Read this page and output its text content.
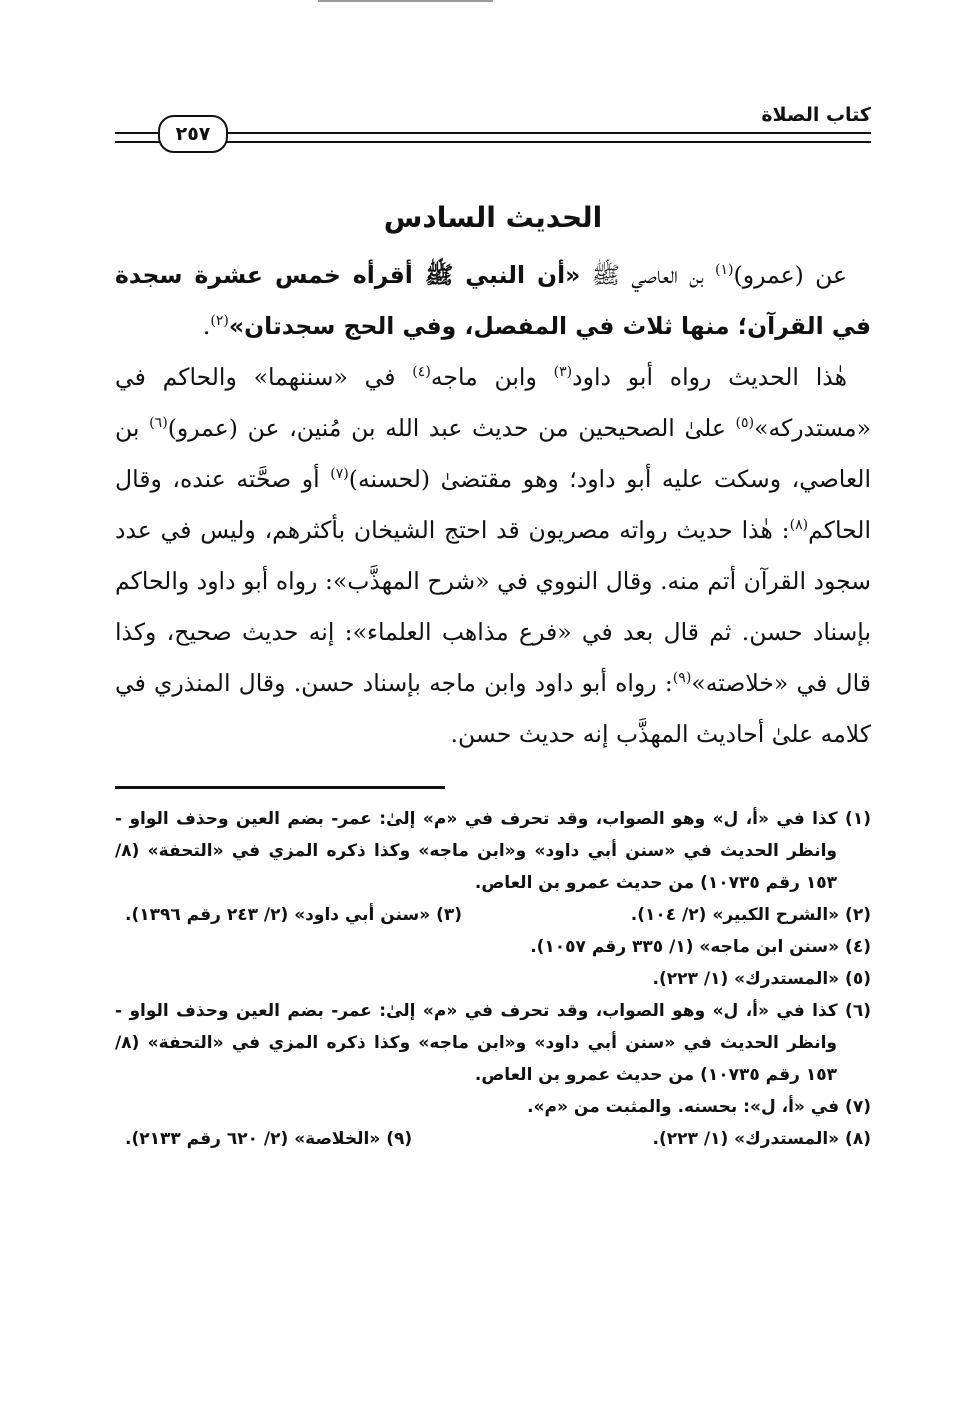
كتاب الصلاة
٢٥٧
الحديث السادس

عن (عمرو)$^{(١)}$ بن العاصي ﷺ «أن النبي ﷺ أقرأه خمس عشرة سجدة في القرآن؛ منها ثلاث في المفصل، وفي الحج سجدتان»$^{(٢)}$.

هٰذا الحديث رواه أبو داود$^{(٣)}$ وابن ماجه$^{(٤)}$ في «سننهما» والحاكم في «مستدركه»$^{(٥)}$ علىٰ الصحيحين من حديث عبد الله بن مُنين، عن (عمرو)$^{(٦)}$ بن العاصي، وسكت عليه أبو داود؛ وهو مقتضىٰ (لحسنه)$^{(٧)}$ أو صحَّته عنده، وقال الحاكم$^{(٨)}$: هٰذا حديث رواته مصريون قد احتج الشيخان بأكثرهم، وليس في عدد سجود القرآن أتم منه. وقال النووي في «شرح المهذَّب»: رواه أبو داود والحاكم بإسناد حسن. ثم قال بعد في «فرع مذاهب العلماء»: إنه حديث صحيح، وكذا قال في «خلاصته»$^{(٩)}$: رواه أبو داود وابن ماجه بإسناد حسن. وقال المنذري في كلامه علىٰ أحاديث المهذَّب إنه حديث حسن.

(١) كذا في «أ، ل» وهو الصواب، وقد تحرف في «م» إلىٰ: عمر- بضم العين وحذف الواو - وانظر الحديث في «سنن أبي داود» و«ابن ماجه» وكذا ذكره المزي في «التحفة» (٨/ ١٥٣ رقم ١٠٧٣٥) من حديث عمرو بن العاص.

(٢) «الشرح الكبير» (٢/ ١٠٤).
(٣) «سنن أبي داود» (٢/ ٢٤٣ رقم ١٣٩٦).

(٤) «سنن ابن ماجه» (١/ ٣٣٥ رقم ١٠٥٧).

(٥) «المستدرك» (١/ ٢٢٣).

(٦) كذا في «أ، ل» وهو الصواب، وقد تحرف في «م» إلىٰ: عمر- بضم العين وحذف الواو - وانظر الحديث في «سنن أبي داود» و«ابن ماجه» وكذا ذكره المزي في «التحفة» (٨/ ١٥٣ رقم ١٠٧٣٥) من حديث عمرو بن العاص.

(٧) في «أ، ل»: بحسنه. والمثبت من «م».

(٨) «المستدرك» (١/ ٢٢٣).
(٩) «الخلاصة» (٢/ ٦٢٠ رقم ٢١٣٣).
